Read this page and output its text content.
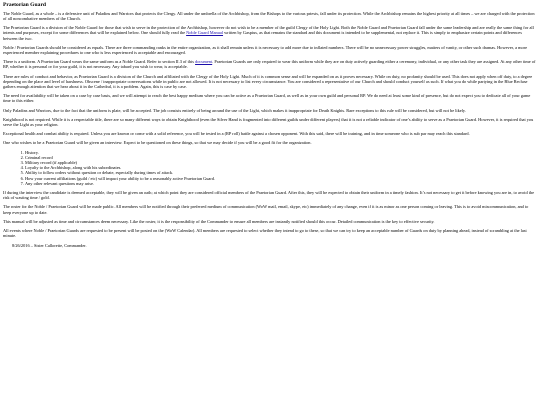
Praetorian Guard

The Noble Guard, as a whole – is a defensive unit of Paladins and Warriors that protects the Clergy. All under the umbrella of the Archbishop, from the Bishops to the various priests, fall under its protection. While the Archbishop remains the highest priority at all times – we are charged with the protection of all noncombative members of the Church.

The Praetorian Guard is a division of the Noble Guard for those that wish to serve in the protection of the Archbishop, however do not wish to be a member of the guild Clergy of the Holy Light. Both the Noble Guard and Praetorian Guard fall under the same leadership and are really the same thing for all intents and purposes, except for some differences that will be explained below. One should fully read the Noble Guard Manual written by Gaspius, as that remains the standard and this document is intended to be supplemental, not replace it. This is simply to emphasize certain points and differences between the two.

Noble / Praetorian Guards should be considered as equals. There are three commanding ranks in the entire organization, as it shall remain unless it is necessary to add more due to inflated numbers. There will be no unnecessary power struggles, matters of vanity, or other such dramas. However, a more experienced member explaining procedures to one who is less experienced is acceptable and encouraged.

There is a uniform. A Praetorian Guard wears the same uniform as a Noble Guard. Refer to section II.3 of this document. Praetorian Guards are only required to wear this uniform while they are on duty actively guarding either a ceremony, individual, or any other task they are assigned. At any other time of RP, whether it is personal or for your guild, it is not necessary. Any tabard you wish to wear, is acceptable.

There are rules of conduct and behavior, as Praetorian Guard is a division of the Church and affiliated with the Clergy of the Holy Light. Much of it is common sense and will be expanded on as it proves necessary. While on duty, no profanity should be used. This does not apply when off duty, to a degree depending on the place and level of harshness. Obscene / inappropriate conversations while in public are not allowed. It is not necessary to list every circumstance. You are considered a representative of our Church and should conduct yourself as such. If what you do while partying in the Blue Recluse gathers enough attention that we hear about it in the Cathedral, it is a problem. Again, this is case by case.

The need for availability will be taken on a case by case basis, and we will attempt to reach the best happy medium where you can be active as a Praetorian Guard, as well as in your own guild and personal RP. We do need at least some kind of presence, but do not expect you to dedicate all of your game time to this either.

Only Paladins and Warriors, due to the fact that the uniform is plate, will be accepted. The job consists entirely of being around the use of the Light, which makes it inappropriate for Death Knights. Rare exceptions to this rule will be considered, but will not be likely.

Knighthood is not required. While it is a respectable title, there are so many different ways to obtain Knighthood (even the Silver Hand is fragmented into different guilds under different players) that it is not a reliable indicator of one’s ability to serve as a Praetorian Guard. However, it is required that you serve the Light as your religion.

Exceptional health and combat ability is required. Unless you are known or come with a solid reference, you will be tested in a (RP roll) battle against a chosen opponent. With this said, there will be training, and in time someone who is sub par may reach this standard.

One who wishes to be a Praetorian Guard will be given an interview. Expect to be questioned on these things, so that we may decide if you will be a good fit for the organization.

1. History.
2. Criminal record
3. Military record (if applicable)
4. Loyalty to the Archbishop, along with his subordinates.
5. Ability to follow orders without question or debate, especially during times of attack.
6. How your current affiliations (guild / etc) will impact your ability to be a reasonably active Praetorian Guard.
7. Any other relevant questions may arise.

If during the interview the candidate is deemed acceptable, they will be given an oath; at which point they are considered official members of the Praetorian Guard. After this, they will be expected to obtain their uniform in a timely fashion. It’s not necessary to get it before knowing you are in, to avoid the risk of wasting time / gold.

The roster for the Noble / Praetorian Guard will be made public. All members will be notified through their preferred medium of communication (WoW mail, email, skype, etc) immediately of any change, even if it is as minor as one person coming or leaving. This is to avoid miscommunication, and to keep everyone up to date.

This manual will be adjusted as time and circumstances deem necessary. Like the roster, it is the responsibility of the Commander to ensure all members are instantly notified should this occur. Detailed communication is the key to effective security.

All events where Noble / Praetorian Guards are requested to be present will be posted on the (WoW Calendar). All members are requested to select whether they intend to go to these, so that we can try to keep an acceptable number of Guards on duty by planning ahead, instead of scrambling at the last minute.

8/26/2016 – Sister Callorette, Commander.
